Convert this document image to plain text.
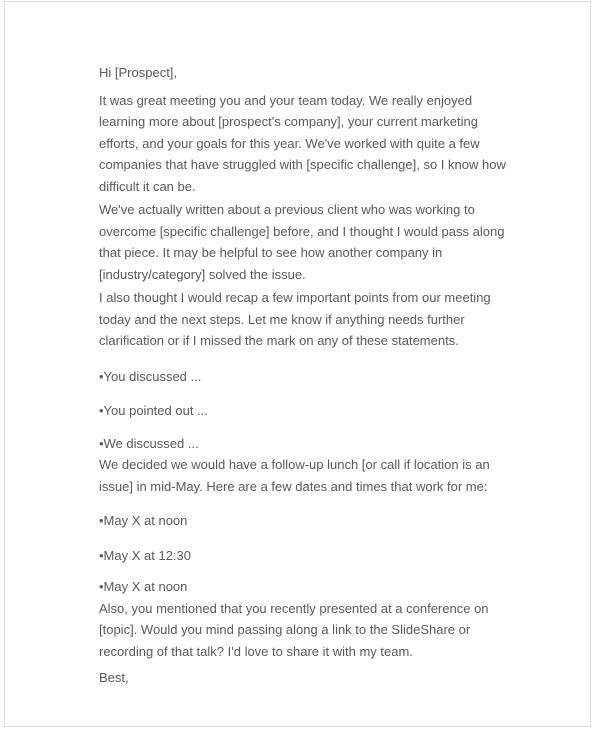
Hi [Prospect],

It was great meeting you and your team today. We really enjoyed learning more about [prospect's company], your current marketing efforts, and your goals for this year. We've worked with quite a few companies that have struggled with [specific challenge], so I know how difficult it can be.

We've actually written about a previous client who was working to overcome [specific challenge] before, and I thought I would pass along that piece. It may be helpful to see how another company in [industry/category] solved the issue.

I also thought I would recap a few important points from our meeting today and the next steps. Let me know if anything needs further clarification or if I missed the mark on any of these statements.

•You discussed ...

•You pointed out ...

•We discussed ...

We decided we would have a follow-up lunch [or call if location is an issue] in mid-May. Here are a few dates and times that work for me:

•May X at noon

•May X at 12:30

•May X at noon

Also, you mentioned that you recently presented at a conference on [topic]. Would you mind passing along a link to the SlideShare or recording of that talk? I'd love to share it with my team.

Best,
